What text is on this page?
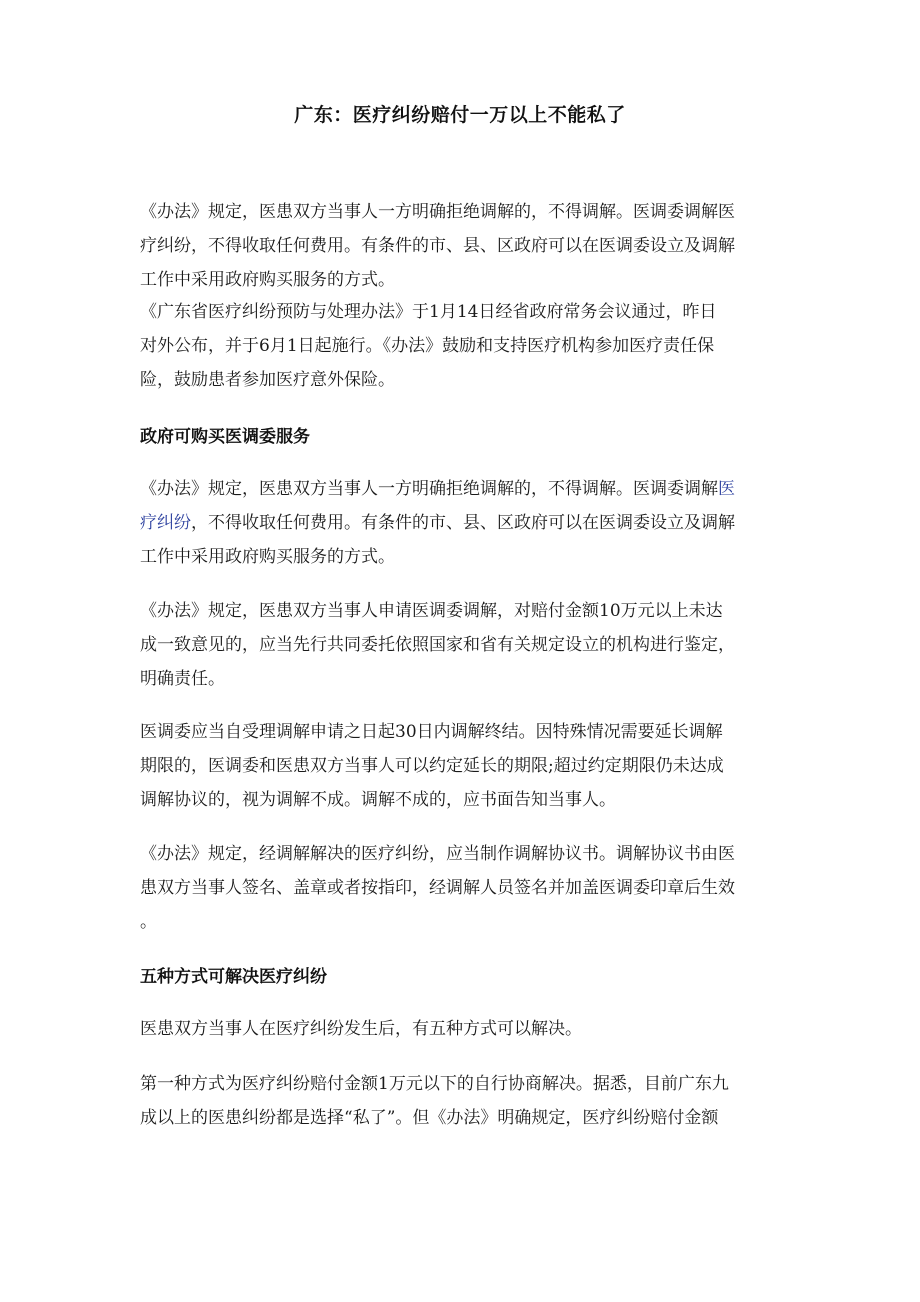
广东：医疗纠纷赔付一万以上不能私了
《办法》规定，医患双方当事人一方明确拒绝调解的，不得调解。医调委调解医
疗纠纷，不得收取任何费用。有条件的市、县、区政府可以在医调委设立及调解
工作中采用政府购买服务的方式。
《广东省医疗纠纷预防与处理办法》于1月14日经省政府常务会议通过，昨日
对外公布，并于6月1日起施行。《办法》鼓励和支持医疗机构参加医疗责任保
险，鼓励患者参加医疗意外保险。
政府可购买医调委服务
《办法》规定，医患双方当事人一方明确拒绝调解的，不得调解。医调委调解医
疗纠纷，不得收取任何费用。有条件的市、县、区政府可以在医调委设立及调解
工作中采用政府购买服务的方式。
《办法》规定，医患双方当事人申请医调委调解，对赔付金额10万元以上未达
成一致意见的，应当先行共同委托依照国家和省有关规定设立的机构进行鉴定，
明确责任。
医调委应当自受理调解申请之日起30日内调解终结。因特殊情况需要延长调解
期限的，医调委和医患双方当事人可以约定延长的期限;超过约定期限仍未达成
调解协议的，视为调解不成。调解不成的，应书面告知当事人。
《办法》规定，经调解解决的医疗纠纷，应当制作调解协议书。调解协议书由医
患双方当事人签名、盖章或者按指印，经调解人员签名并加盖医调委印章后生效
。
五种方式可解决医疗纠纷
医患双方当事人在医疗纠纷发生后，有五种方式可以解决。
第一种方式为医疗纠纷赔付金额1万元以下的自行协商解决。据悉，目前广东九
成以上的医患纠纷都是选择“私了”。但《办法》明确规定，医疗纠纷赔付金额
